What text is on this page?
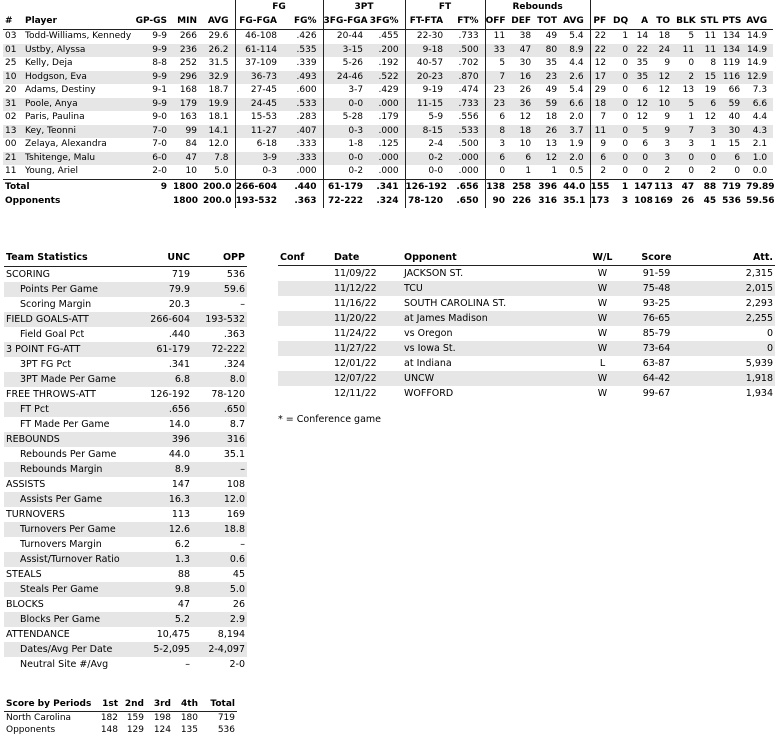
					FG		3PT		FT		Rebounds											
#	Player	GP-GS	MIN	AVG	FG-FGA	FG%	3FG-FGA	3FG%	FT-FTA	FT%	OFF	DEF	TOT	AVG	PF	DQ	A	TO	BLK	STL	PTS	AVG
03	Todd-Williams, Kennedy	9-9	266	29.6	46-108	.426	20-44	.455	22-30	.733	11	38	49	5.4	22	1	14	18	5	11	134	14.9
01	Ustby, Alyssa	9-9	236	26.2	61-114	.535	3-15	.200	9-18	.500	33	47	80	8.9	22	0	22	24	11	11	134	14.9
25	Kelly, Deja	8-8	252	31.5	37-109	.339	5-26	.192	40-57	.702	5	30	35	4.4	12	0	35	9	0	8	119	14.9
10	Hodgson, Eva	9-9	296	32.9	36-73	.493	24-46	.522	20-23	.870	7	16	23	2.6	17	0	35	12	2	15	116	12.9
20	Adams, Destiny	9-1	168	18.7	27-45	.600	3-7	.429	9-19	.474	23	26	49	5.4	29	0	6	12	13	19	66	7.3
31	Poole, Anya	9-9	179	19.9	24-45	.533	0-0	.000	11-15	.733	23	36	59	6.6	18	0	12	10	5	6	59	6.6
02	Paris, Paulina	9-0	163	18.1	15-53	.283	5-28	.179	5-9	.556	6	12	18	2.0	7	0	12	9	1	12	40	4.4
13	Key, Teonni	7-0	99	14.1	11-27	.407	0-3	.000	8-15	.533	8	18	26	3.7	11	0	5	9	7	3	30	4.3
00	Zelaya, Alexandra	7-0	84	12.0	6-18	.333	1-8	.125	2-4	.500	3	10	13	1.9	9	0	6	3	3	1	15	2.1
21	Tshitenge, Malu	6-0	47	7.8	3-9	.333	0-0	.000	0-2	.000	6	6	12	2.0	6	0	0	3	0	0	6	1.0
11	Young, Ariel	2-0	10	5.0	0-3	.000	0-2	.000	0-0	.000	0	1	1	0.5	2	0	0	2	0	2	0	0.0
Total		9	1800	200.0	266-604	.440	61-179	.341	126-192	.656	138	258	396	44.0	155	1	147	113	47	88	719	79.89
Opponents			1800	200.0	193-532	.363	72-222	.324	78-120	.650	90	226	316	35.1	173	3	108	169	26	45	536	59.56
Team Statistics	UNC	OPP
SCORING	719	536
Points Per Game	79.9	59.6
Scoring Margin	20.3	–
FIELD GOALS-ATT	266-604	193-532
Field Goal Pct	.440	.363
3 POINT FG-ATT	61-179	72-222
3PT FG Pct	.341	.324
3PT Made Per Game	6.8	8.0
FREE THROWS-ATT	126-192	78-120
FT Pct	.656	.650
FT Made Per Game	14.0	8.7
REBOUNDS	396	316
Rebounds Per Game	44.0	35.1
Rebounds Margin	8.9	–
ASSISTS	147	108
Assists Per Game	16.3	12.0
TURNOVERS	113	169
Turnovers Per Game	12.6	18.8
Turnovers Margin	6.2	–
Assist/Turnover Ratio	1.3	0.6
STEALS	88	45
Steals Per Game	9.8	5.0
BLOCKS	47	26
Blocks Per Game	5.2	2.9
ATTENDANCE	10,475	8,194
Dates/Avg Per Date	5-2,095	2-4,097
Neutral Site #/Avg	–	2-0
Conf	Date	Opponent	W/L	Score	Att.
	11/09/22	JACKSON ST.	W	91-59	2,315
	11/12/22	TCU	W	75-48	2,015
	11/16/22	SOUTH CAROLINA ST.	W	93-25	2,293
	11/20/22	at James Madison	W	76-65	2,255
	11/24/22	vs Oregon	W	85-79	0
	11/27/22	vs Iowa St.	W	73-64	0
	12/01/22	at Indiana	L	63-87	5,939
	12/07/22	UNCW	W	64-42	1,918
	12/11/22	WOFFORD	W	99-67	1,934
* = Conference game
Score by Periods	1st	2nd	3rd	4th	Total
North Carolina	182	159	198	180	719
Opponents	148	129	124	135	536
